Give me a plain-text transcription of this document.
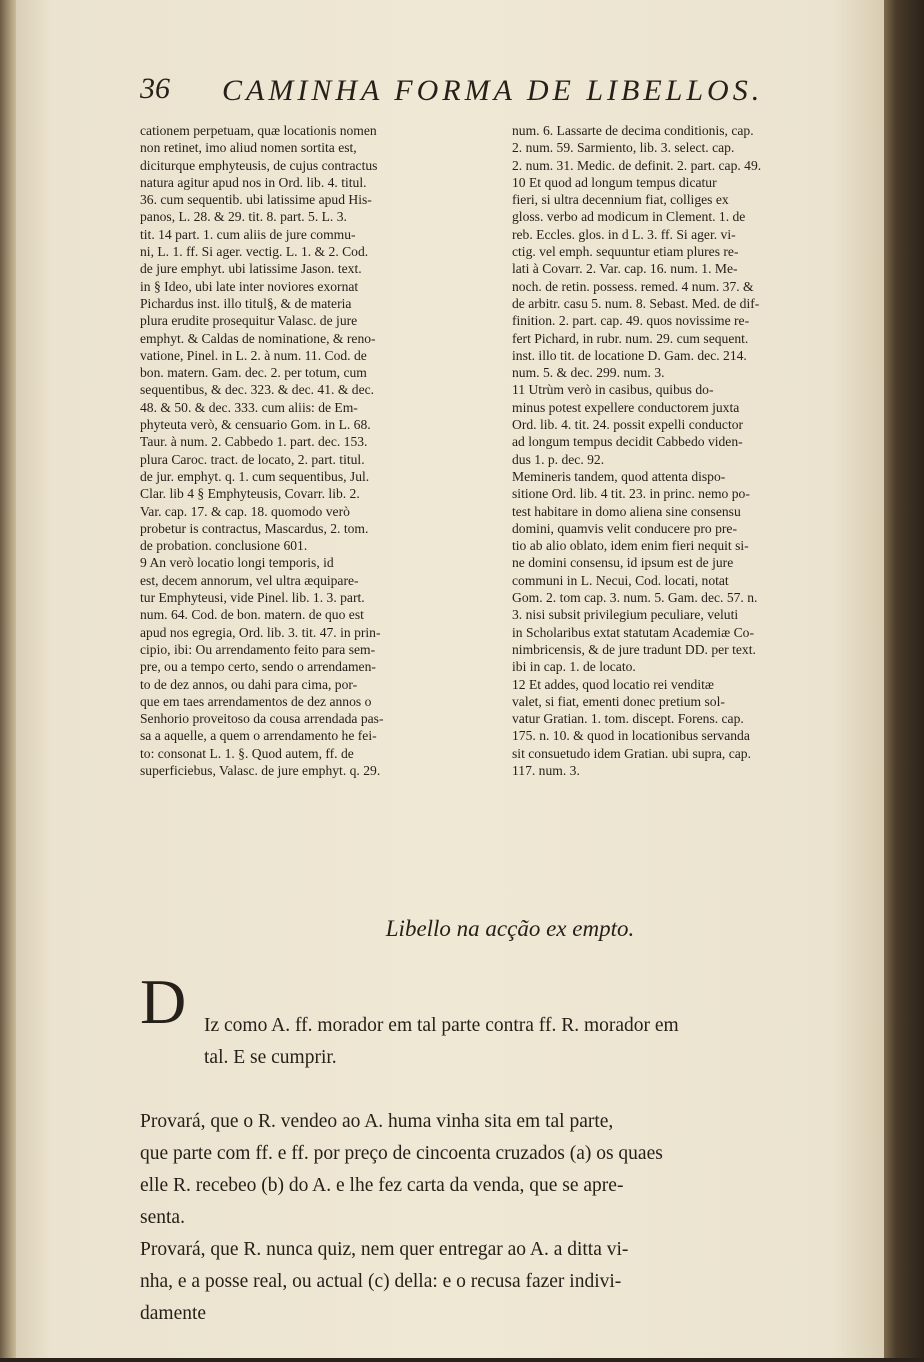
36 CAMINHA FORMA DE LIBELLOS.
cationem perpetuam, quæ locationis nomen
non retinet, imo aliud nomen sortita est,
diciturque emphyteusis, de cujus contractus
natura agitur apud nos in Ord. lib. 4. titul.
36. cum sequentib. ubi latissime apud His-
panos, L. 28. & 29. tit. 8. part. 5. L. 3.
tit. 14 part. 1. cum aliis de jure commu-
ni, L. 1. ff. Si ager. vectig. L. 1. & 2. Cod.
de jure emphyt. ubi latissime Jason. text.
in § Ideo, ubi late inter noviores exornat
Pichardus inst. illo titul§, & de materia
plura erudite prosequitur Valasc. de jure
emphyt. & Caldas de nominatione, & reno-
vatione, Pinel. in L. 2. à num. 11. Cod. de
bon. matern. Gam. dec. 2. per totum, cum
sequentibus, & dec. 323. & dec. 41. & dec.
48. & 50. & dec. 333. cum aliis: de Em-
phyteuta verò, & censuario Gom. in L. 68.
Taur. à num. 2. Cabbedo 1. part. dec. 153.
plura Caroc. tract. de locato, 2. part. titul.
de jur. emphyt. q. 1. cum sequentibus, Jul.
Clar. lib 4 § Emphyteusis, Covarr. lib. 2.
Var. cap. 17. & cap. 18. quomodo verò
probetur is contractus, Mascardus, 2. tom.
de probation. conclusione 601.
9 An verò locatio longi temporis, id
est, decem annorum, vel ultra æquipare-
tur Emphyteusi, vide Pinel. lib. 1. 3. part.
num. 64. Cod. de bon. matern. de quo est
apud nos egregia, Ord. lib. 3. tit. 47. in prin-
cipio, ibi: Ou arrendamento feito para sem-
pre, ou a tempo certo, sendo o arrendamen-
to de dez annos, ou dahi para cima, por-
que em taes arrendamentos de dez annos o
Senhorio proveitoso da cousa arrendada pas-
sa a aquelle, a quem o arrendamento he fei-
to: consonat L. 1. §. Quod autem, ff. de
superficiebus, Valasc. de jure emphyt. q. 29.
num. 6. Lassarte de decima conditionis, cap.
2. num. 59. Sarmiento, lib. 3. select. cap.
2. num. 31. Medic. de definit. 2. part. cap. 49.
10 Et quod ad longum tempus dicatur
fieri, si ultra decennium fiat, colliges ex
gloss. verbo ad modicum in Clement. 1. de
reb. Eccles. glos. in d L. 3. ff. Si ager. vi-
ctig. vel emph. sequuntur etiam plures re-
lati à Covarr. 2. Var. cap. 16. num. 1. Me-
noch. de retin. possess. remed. 4 num. 37. &
de arbitr. casu 5. num. 8. Sebast. Med. de dif-
finition. 2. part. cap. 49. quos novissime re-
fert Pichard, in rubr. num. 29. cum sequent.
inst. illo tit. de locatione D. Gam. dec. 214.
num. 5. & dec. 299. num. 3.
11 Utrùm verò in casibus, quibus do-
minus potest expellere conductorem juxta
Ord. lib. 4. tit. 24. possit expelli conductor
ad longum tempus decidit Cabbedo viden-
dus 1. p. dec. 92.
Memineris tandem, quod attenta dispo-
sitione Ord. lib. 4 tit. 23. in princ. nemo po-
test habitare in domo aliena sine consensu
domini, quamvis velit conducere pro pre-
tio ab alio oblato, idem enim fieri nequit si-
ne domini consensu, id ipsum est de jure
communi in L. Necui, Cod. locati, notat
Gom. 2. tom cap. 3. num. 5. Gam. dec. 57. n.
3. nisi subsit privilegium peculiare, veluti
in Scholaribus extat statutam Academiæ Co-
nimbricensis, & de jure tradunt DD. per text.
ibi in cap. 1. de locato.
12 Et addes, quod locatio rei venditæ
valet, si fiat, ementi donec pretium sol-
vatur Gratian. 1. tom. discept. Forens. cap.
175. n. 10. & quod in locationibus servanda
sit consuetudo idem Gratian. ubi supra, cap.
117. num. 3.
Libello na acção ex empto.
D Iz como A. ff. morador em tal parte contra ff. R. morador em
tal. E se cumprir.

Provará, que o R. vendeo ao A. huma vinha sita em tal parte,
que parte com ff. e ff. por preço de cincoenta cruzados (a) os quaes
elle R. recebeo (b) do A. e lhe fez carta da venda, que se apre-
senta.
Provará, que R. nunca quiz, nem quer entregar ao A. a ditta vi-
nha, e a posse real, ou actual (c) della: e o recusa fazer indivi-
damente
